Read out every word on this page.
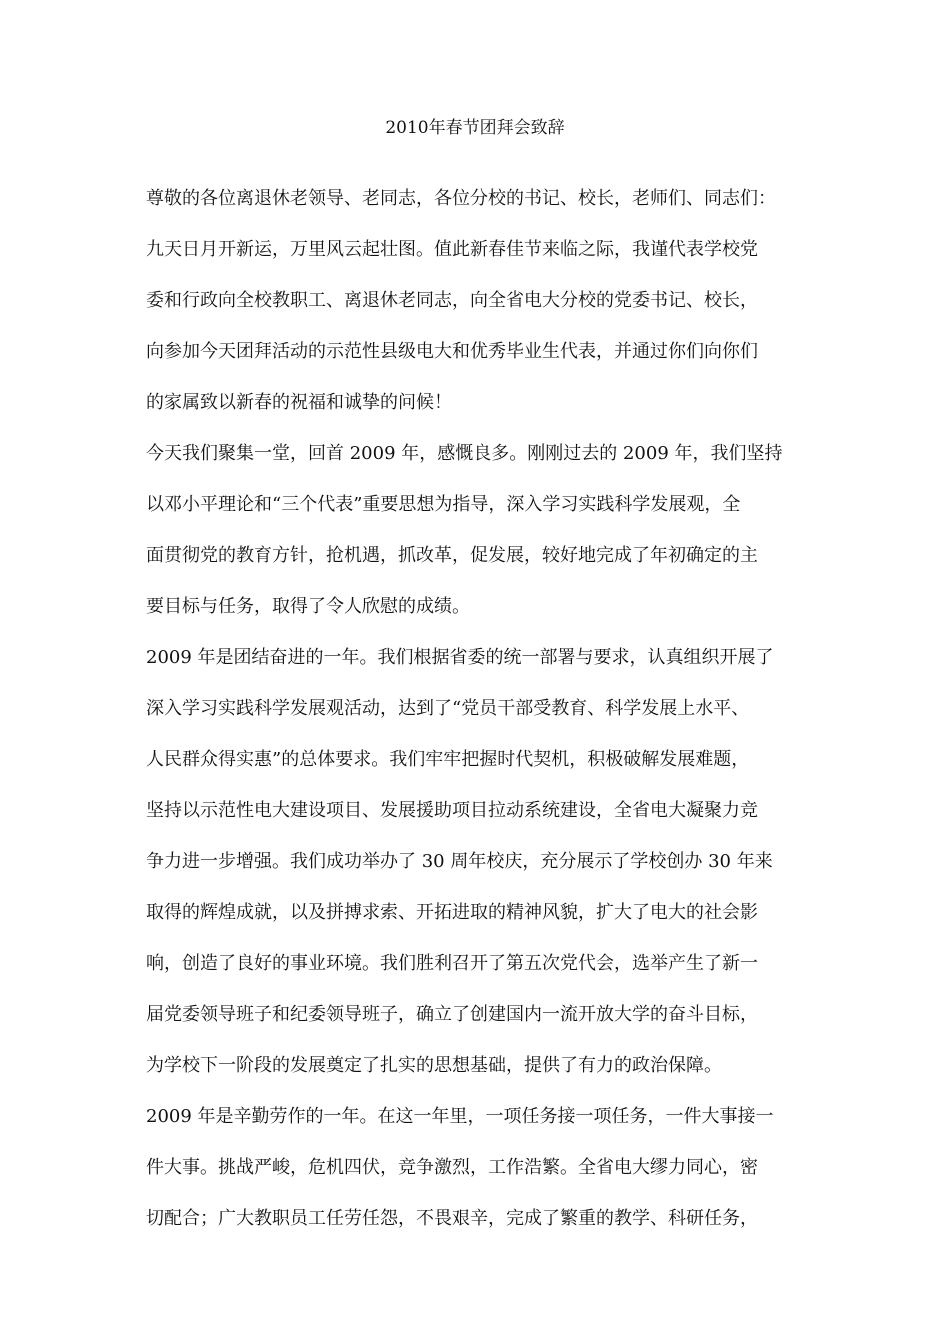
2010年春节团拜会致辞
尊敬的各位离退休老领导、老同志，各位分校的书记、校长，老师们、同志们：
九天日月开新运，万里风云起壮图。值此新春佳节来临之际，我谨代表学校党
委和行政向全校教职工、离退休老同志，向全省电大分校的党委书记、校长，
向参加今天团拜活动的示范性县级电大和优秀毕业生代表，并通过你们向你们
的家属致以新春的祝福和诚挚的问候！
今天我们聚集一堂，回首 2009 年，感慨良多。刚刚过去的 2009 年，我们坚持
以邓小平理论和“三个代表”重要思想为指导，深入学习实践科学发展观，全
面贯彻党的教育方针，抢机遇，抓改革，促发展，较好地完成了年初确定的主
要目标与任务，取得了令人欣慰的成绩。
2009 年是团结奋进的一年。我们根据省委的统一部署与要求，认真组织开展了
深入学习实践科学发展观活动，达到了“党员干部受教育、科学发展上水平、
人民群众得实惠”的总体要求。我们牢牢把握时代契机，积极破解发展难题，
坚持以示范性电大建设项目、发展援助项目拉动系统建设，全省电大凝聚力竞
争力进一步增强。我们成功举办了 30 周年校庆，充分展示了学校创办 30 年来
取得的辉煌成就，以及拼搏求索、开拓进取的精神风貌，扩大了电大的社会影
响，创造了良好的事业环境。我们胜利召开了第五次党代会，选举产生了新一
届党委领导班子和纪委领导班子，确立了创建国内一流开放大学的奋斗目标，
为学校下一阶段的发展奠定了扎实的思想基础，提供了有力的政治保障。
2009 年是辛勤劳作的一年。在这一年里，一项任务接一项任务，一件大事接一
件大事。挑战严峻，危机四伏，竞争激烈，工作浩繁。全省电大缪力同心，密
切配合；广大教职员工任劳任怨，不畏艰辛，完成了繁重的教学、科研任务，
